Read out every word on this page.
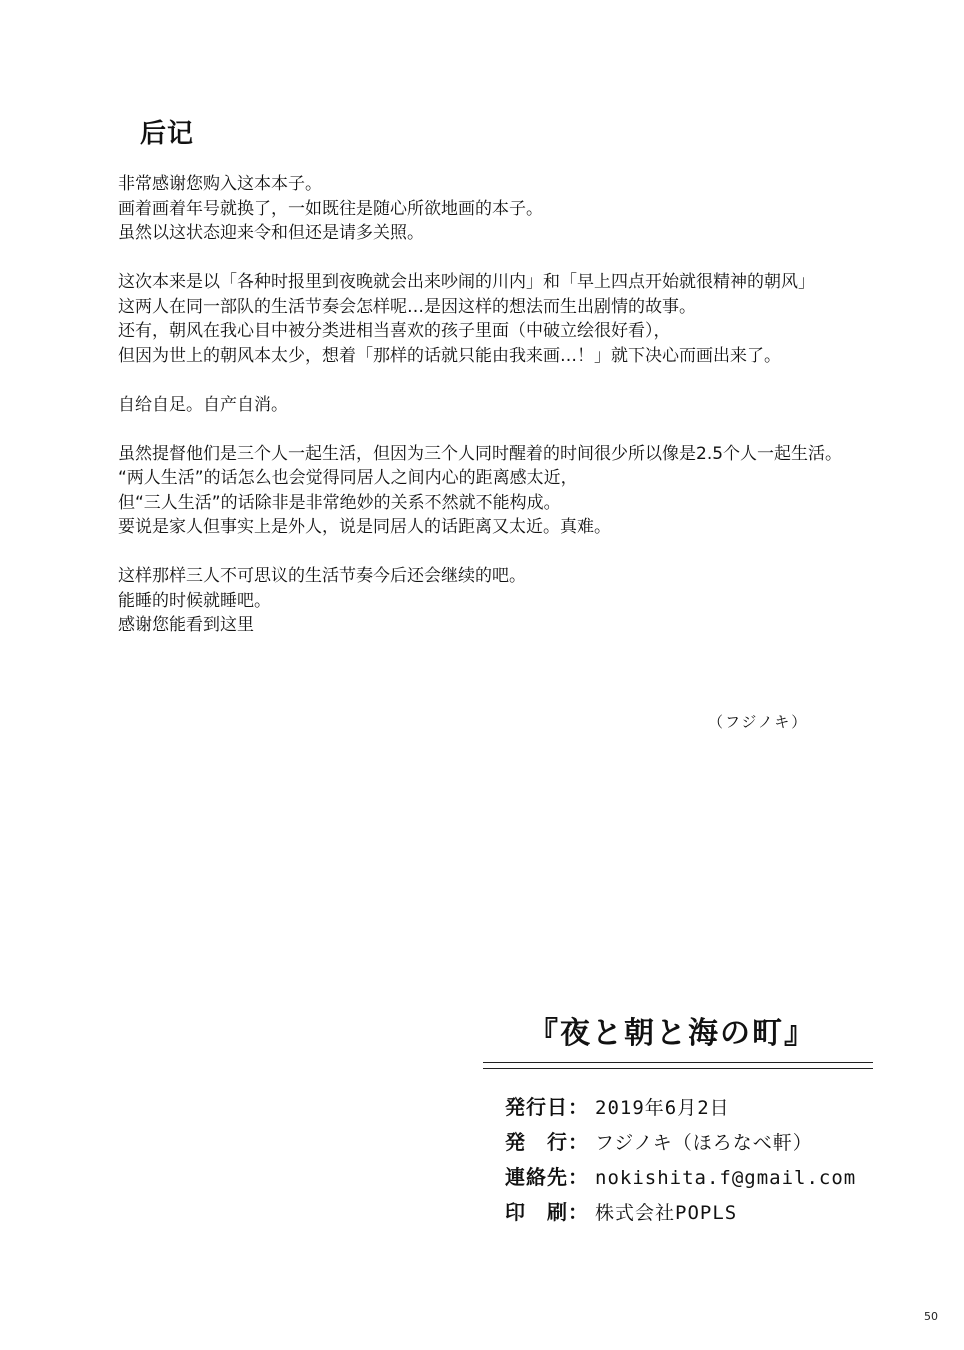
后记
非常感谢您购入这本本子。
画着画着年号就换了，一如既往是随心所欲地画的本子。
虽然以这状态迎来令和但还是请多关照。
这次本来是以「各种时报里到夜晚就会出来吵闹的川内」和「早上四点开始就很精神的朝风」
这两人在同一部队的生活节奏会怎样呢…是因这样的想法而生出剧情的故事。
还有，朝风在我心目中被分类进相当喜欢的孩子里面（中破立绘很好看），
但因为世上的朝风本太少，想着「那样的话就只能由我来画…！」就下决心而画出来了。
自给自足。自产自消。
虽然提督他们是三个人一起生活，但因为三个人同时醒着的时间很少所以像是2.5个人一起生活。
“两人生活”的话怎么也会觉得同居人之间内心的距离感太近，
但“三人生活”的话除非是非常绝妙的关系不然就不能构成。
要说是家人但事实上是外人，说是同居人的话距离又太近。真难。
这样那样三人不可思议的生活节奏今后还会继续的吧。
能睡的时候就睡吧。
感谢您能看到这里
（フジノキ）
『夜と朝と海の町』
発行日： 2019年6月2日
発　行： フジノキ（ほろなべ軒）
連絡先： nokishita.f@gmail.com
印　刷： 株式会社POPLS
50
